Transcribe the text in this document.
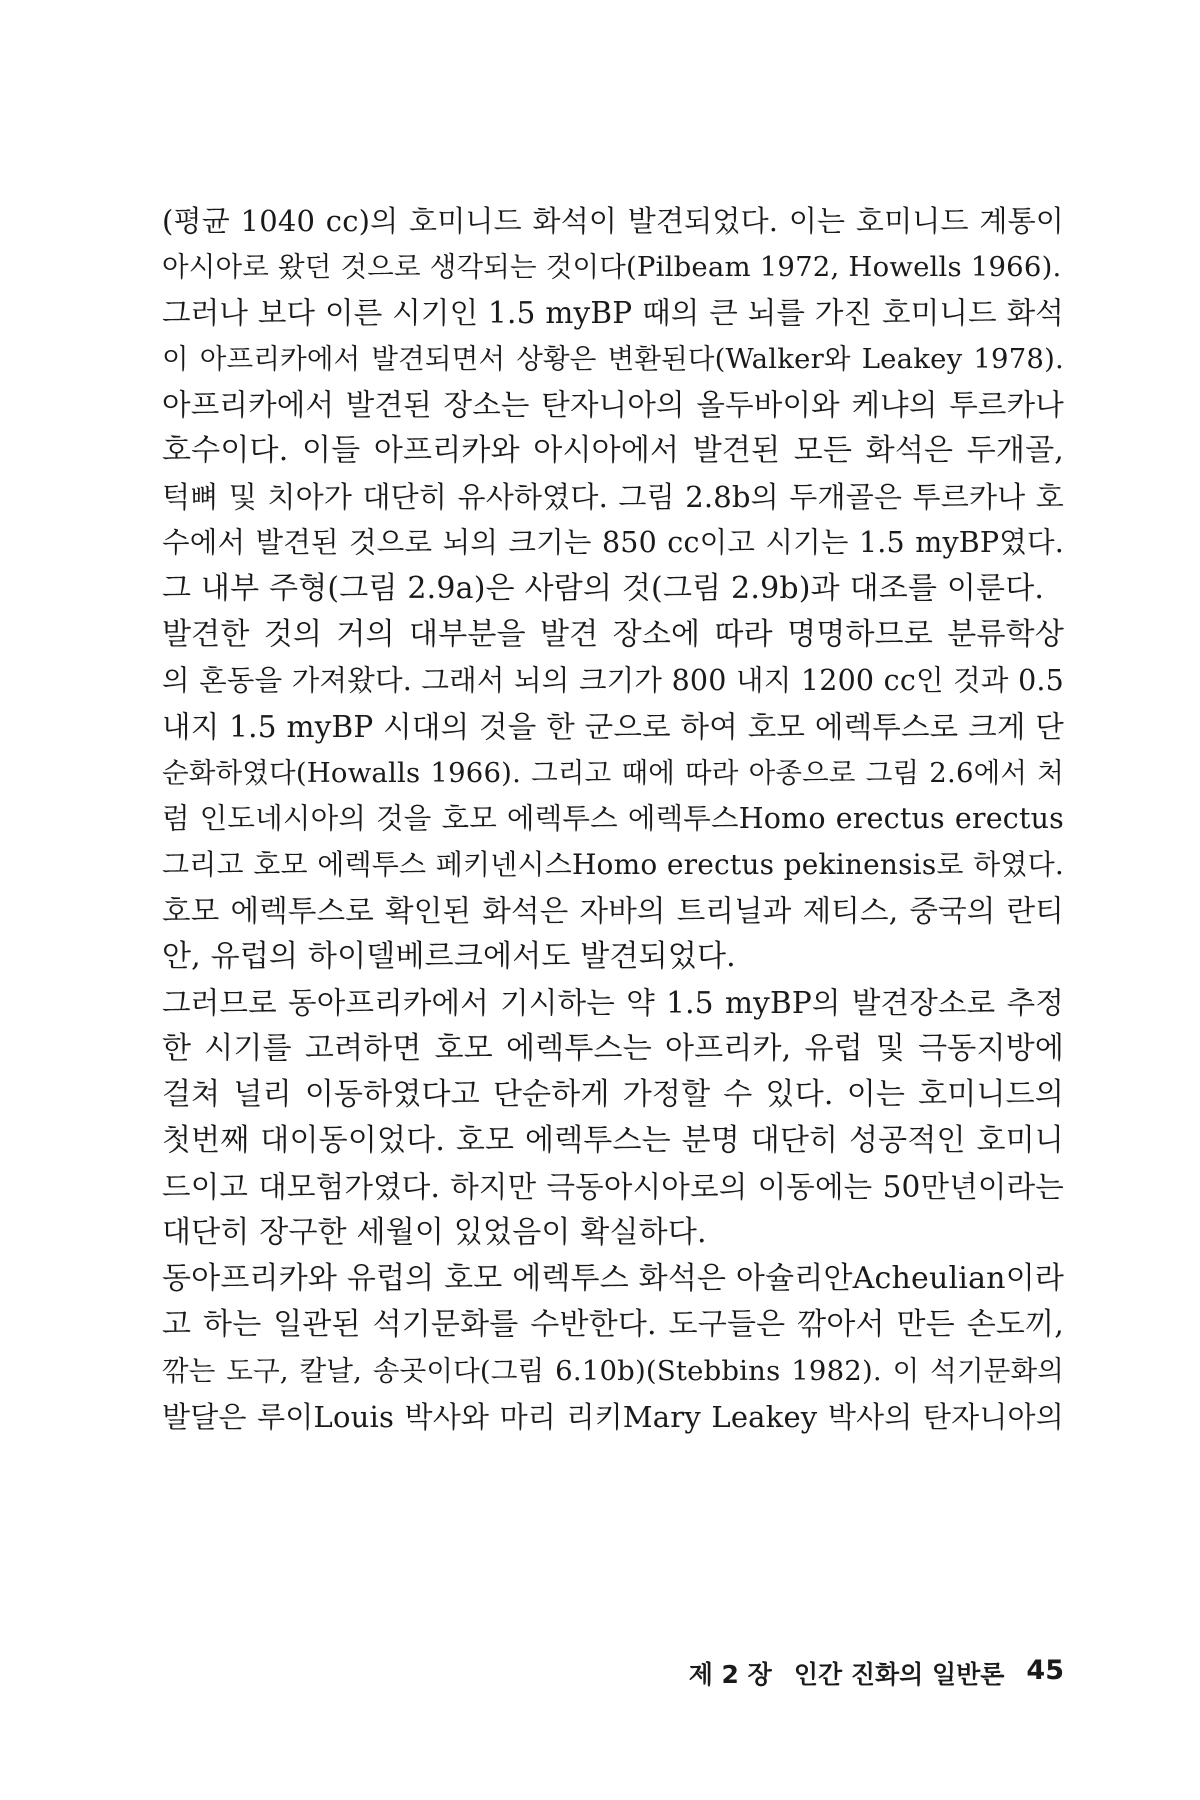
(평균 1040 cc)의 호미니드 화석이 발견되었다. 이는 호미니드 계통이
아시아로 왔던 것으로 생각되는 것이다(Pilbeam 1972, Howells 1966).
그러나 보다 이른 시기인 1.5 myBP 때의 큰 뇌를 가진 호미니드 화석
이 아프리카에서 발견되면서 상황은 변환된다(Walker와 Leakey 1978).
아프리카에서 발견된 장소는 탄자니아의 올두바이와 케냐의 투르카나
호수이다. 이들 아프리카와 아시아에서 발견된 모든 화석은 두개골,
턱뼈 및 치아가 대단히 유사하였다. 그림 2.8b의 두개골은 투르카나 호
수에서 발견된 것으로 뇌의 크기는 850 cc이고 시기는 1.5 myBP였다.
그 내부 주형(그림 2.9a)은 사람의 것(그림 2.9b)과 대조를 이룬다.
발견한 것의 거의 대부분을 발견 장소에 따라 명명하므로 분류학상
의 혼동을 가져왔다. 그래서 뇌의 크기가 800 내지 1200 cc인 것과 0.5
내지 1.5 myBP 시대의 것을 한 군으로 하여 호모 에렉투스로 크게 단
순화하였다(Howalls 1966). 그리고 때에 따라 아종으로 그림 2.6에서 처
럼 인도네시아의 것을 호모 에렉투스 에렉투스Homo erectus erectus
그리고 호모 에렉투스 페키넨시스Homo erectus pekinensis로 하였다.
호모 에렉투스로 확인된 화석은 자바의 트리닐과 제티스, 중국의 란티
안, 유럽의 하이델베르크에서도 발견되었다.
그러므로 동아프리카에서 기시하는 약 1.5 myBP의 발견장소로 추정
한 시기를 고려하면 호모 에렉투스는 아프리카, 유럽 및 극동지방에
걸쳐 널리 이동하였다고 단순하게 가정할 수 있다. 이는 호미니드의
첫번째 대이동이었다. 호모 에렉투스는 분명 대단히 성공적인 호미니
드이고 대모험가였다. 하지만 극동아시아로의 이동에는 50만년이라는
대단히 장구한 세월이 있었음이 확실하다.
동아프리카와 유럽의 호모 에렉투스 화석은 아슐리안Acheulian이라
고 하는 일관된 석기문화를 수반한다. 도구들은 깎아서 만든 손도끼,
깎는 도구, 칼날, 송곳이다(그림 6.10b)(Stebbins 1982). 이 석기문화의
발달은 루이Louis 박사와 마리 리키Mary Leakey 박사의 탄자니아의
제 2 장 인간 진화의 일반론 45
